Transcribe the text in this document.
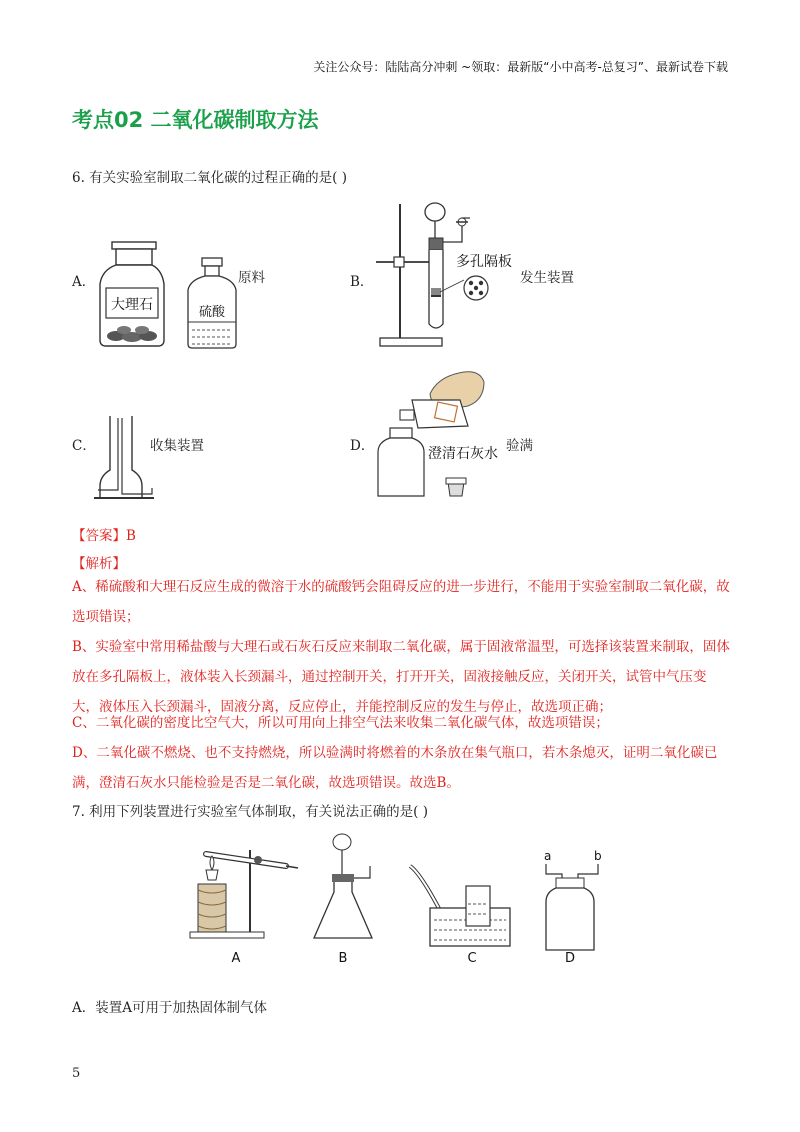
关注公众号：陆陆高分冲刺 ~领取：最新版“小中高考-总复习”、最新试卷下载
考点02 二氧化碳制取方法
6. 有关实验室制取二氧化碳的过程正确的是( )
A．
大理石	硫酸
原料	B．
多孔隔板
发生装置
C．	收集装置	D．	澄清石灰水 验满
【答案】B
【解析】
A、稀硫酸和大理石反应生成的微溶于水的硫酸钙会阻碍反应的进一步进行，不能用于实验室制取二氧化碳，故选项错误；
B、实验室中常用稀盐酸与大理石或石灰石反应来制取二氧化碳，属于固液常温型，可选择该装置来制取，固体放在多孔隔板上，液体装入长颈漏斗，通过控制开关，打开开关，固液接触反应，关闭开关，试管中气压变大，液体压入长颈漏斗，固液分离，反应停止，并能控制反应的发生与停止，故选项正确；
C、二氧化碳的密度比空气大，所以可用向上排空气法来收集二氧化碳气体，故选项错误；
D、二氧化碳不燃烧、也不支持燃烧，所以验满时将燃着的木条放在集气瓶口，若木条熄灭，证明二氧化碳已满，澄清石灰水只能检验是否是二氧化碳，故选项错误。故选B。
7. 利用下列装置进行实验室气体制取，有关说法正确的是( )
A	B	C
a	b
D
A．装置A可用于加热固体制气体
5
